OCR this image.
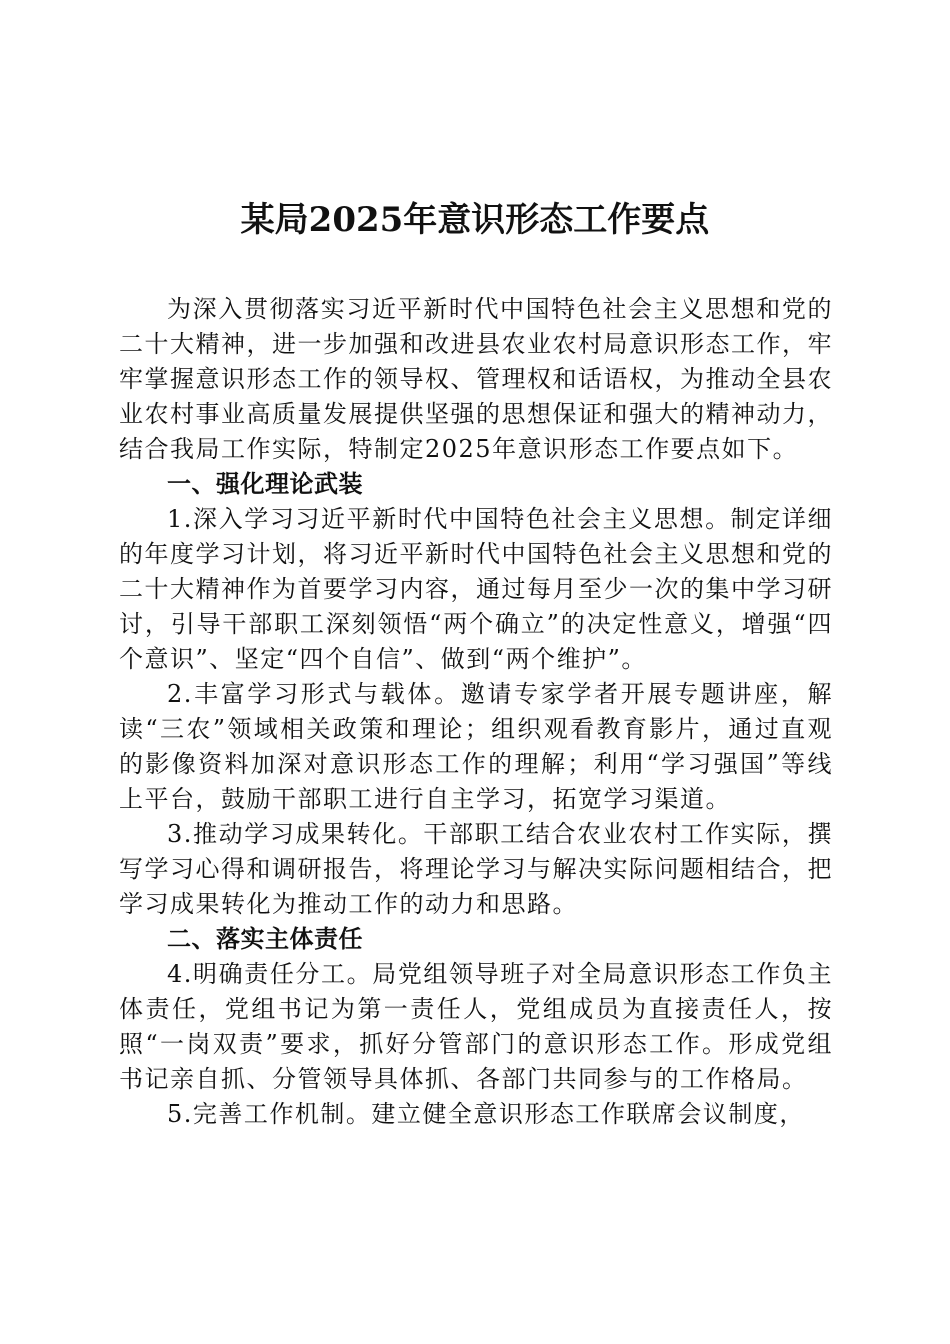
某局2025年意识形态工作要点

为深入贯彻落实习近平新时代中国特色社会主义思想和党的二十大精神，进一步加强和改进县农业农村局意识形态工作，牢牢掌握意识形态工作的领导权、管理权和话语权，为推动全县农业农村事业高质量发展提供坚强的思想保证和强大的精神动力，结合我局工作实际，特制定2025年意识形态工作要点如下。

一、强化理论武装

1.深入学习习近平新时代中国特色社会主义思想。制定详细的年度学习计划，将习近平新时代中国特色社会主义思想和党的二十大精神作为首要学习内容，通过每月至少一次的集中学习研讨，引导干部职工深刻领悟“两个确立”的决定性意义，增强“四个意识”、坚定“四个自信”、做到“两个维护”。

2.丰富学习形式与载体。邀请专家学者开展专题讲座，解读“三农”领域相关政策和理论；组织观看教育影片，通过直观的影像资料加深对意识形态工作的理解；利用“学习强国”等线上平台，鼓励干部职工进行自主学习，拓宽学习渠道。

3.推动学习成果转化。干部职工结合农业农村工作实际，撰写学习心得和调研报告，将理论学习与解决实际问题相结合，把学习成果转化为推动工作的动力和思路。

二、落实主体责任

4.明确责任分工。局党组领导班子对全局意识形态工作负主体责任，党组书记为第一责任人，党组成员为直接责任人，按照“一岗双责”要求，抓好分管部门的意识形态工作。形成党组书记亲自抓、分管领导具体抓、各部门共同参与的工作格局。

5.完善工作机制。建立健全意识形态工作联席会议制度，
